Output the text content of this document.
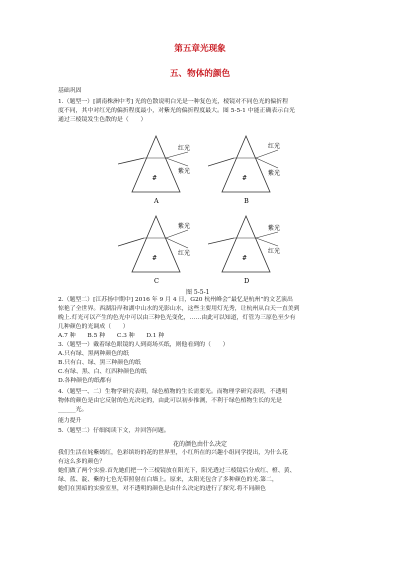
第五章光现象
五、物体的颜色
基础巩固
1.（题型一）[湖南株洲中考] 光的色散说明白光是一种复色光，棱镜对不同色光的偏折程
度不同，其中对红光的偏折程度最小，对紫光的偏折程度最大。图 5-5-1 中能正确表示白光
通过三棱镜发生色散的是（　　）
红光
紫光
#
A
红光
紫光
#
B
紫光
红光
#
C
紫光
红光
#
D
图 5-5-1
2.（题型二）[江苏扬中期中] 2016 年 9 月 4 日，G20 杭州峰会“最忆是杭州”的文艺演出
惊艳了全世界。西湖沿岸和湖中山水的光影山水，这些主要用灯光秀，让杭州从白天一直美到
晚上.灯光可以产生的色光中可以由三种色光变化，……由此可以知道，灯管为三原色至少有
几种颜色的光调成（　　）
A.7 种　　B.5 种　　C.3 种　　D.1 种
3.（题型一）戴着绿色眼镜的人到商场买纸，则他看到的（　　）
A.只有绿、黑两种颜色的纸
B.只有白、绿、黑三种颜色的纸
C.有绿、黑、白、红四种颜色的纸
D.各种颜色的纸都有
4.（题型一、二）生物学研究表明，绿色植物的生长需要光。而物理学研究表明，不透明
物体的颜色是由它反射的色光决定的，由此可以初步推测，不利于绿色植物生长的光是
______光。
能力提升
5.（题型二）仔细阅读下文，并回答问题。
花的颜色由什么决定
我们生活在姹紫嫣红，色彩缤纷的花的世界里，小红所在的兴趣小组同学提出，为什么花
有这么多的颜色？
她们做了两个实验.首先她们把一个三棱镜放在阳光下，阳光透过三棱镜后分成红、橙、黄、
绿、蓝、靛、紫的七色光带照射在白墙上。原来，太阳光包含了多种颜色的光.第二，
她们在黑暗的实验室里，对不透明的颜色是由什么决定的进行了探究.将不同颜色
